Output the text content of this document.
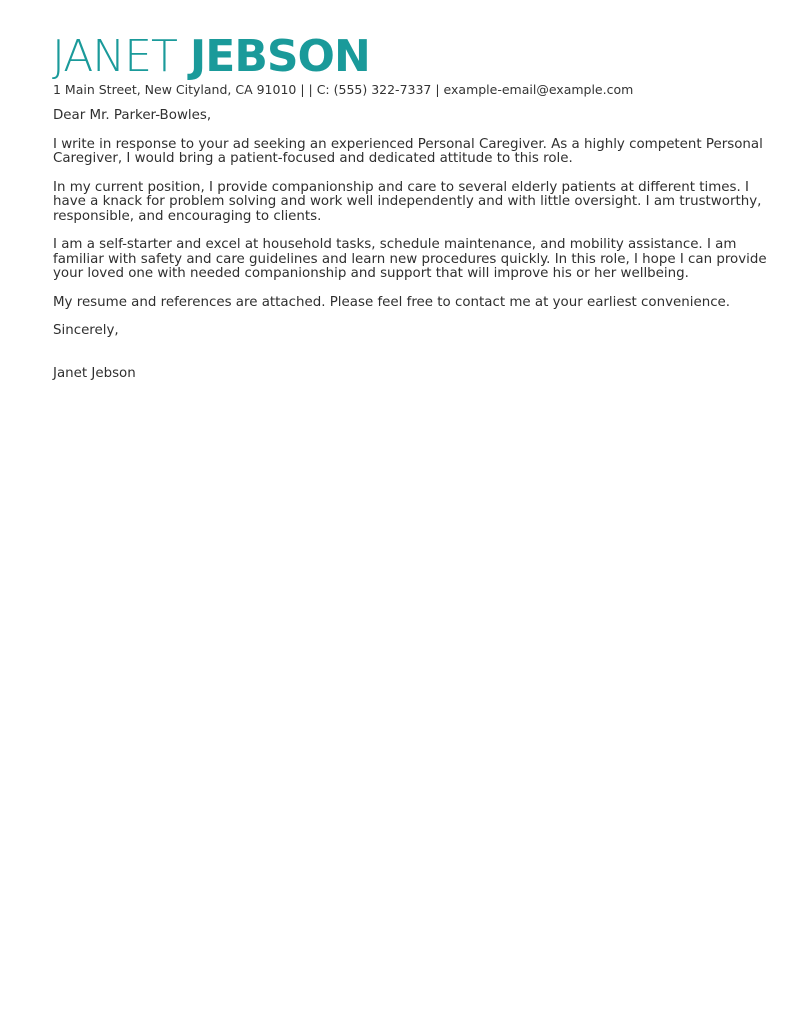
JANET JEBSON
1 Main Street, New Cityland, CA 91010 | | C: (555) 322-7337 | example-email@example.com

Dear Mr. Parker-Bowles,

I write in response to your ad seeking an experienced Personal Caregiver. As a highly competent Personal Caregiver, I would bring a patient-focused and dedicated attitude to this role.

In my current position, I provide companionship and care to several elderly patients at different times. I have a knack for problem solving and work well independently and with little oversight. I am trustworthy, responsible, and encouraging to clients.

I am a self-starter and excel at household tasks, schedule maintenance, and mobility assistance. I am familiar with safety and care guidelines and learn new procedures quickly. In this role, I hope I can provide your loved one with needed companionship and support that will improve his or her wellbeing.

My resume and references are attached. Please feel free to contact me at your earliest convenience.

Sincerely,

Janet Jebson
